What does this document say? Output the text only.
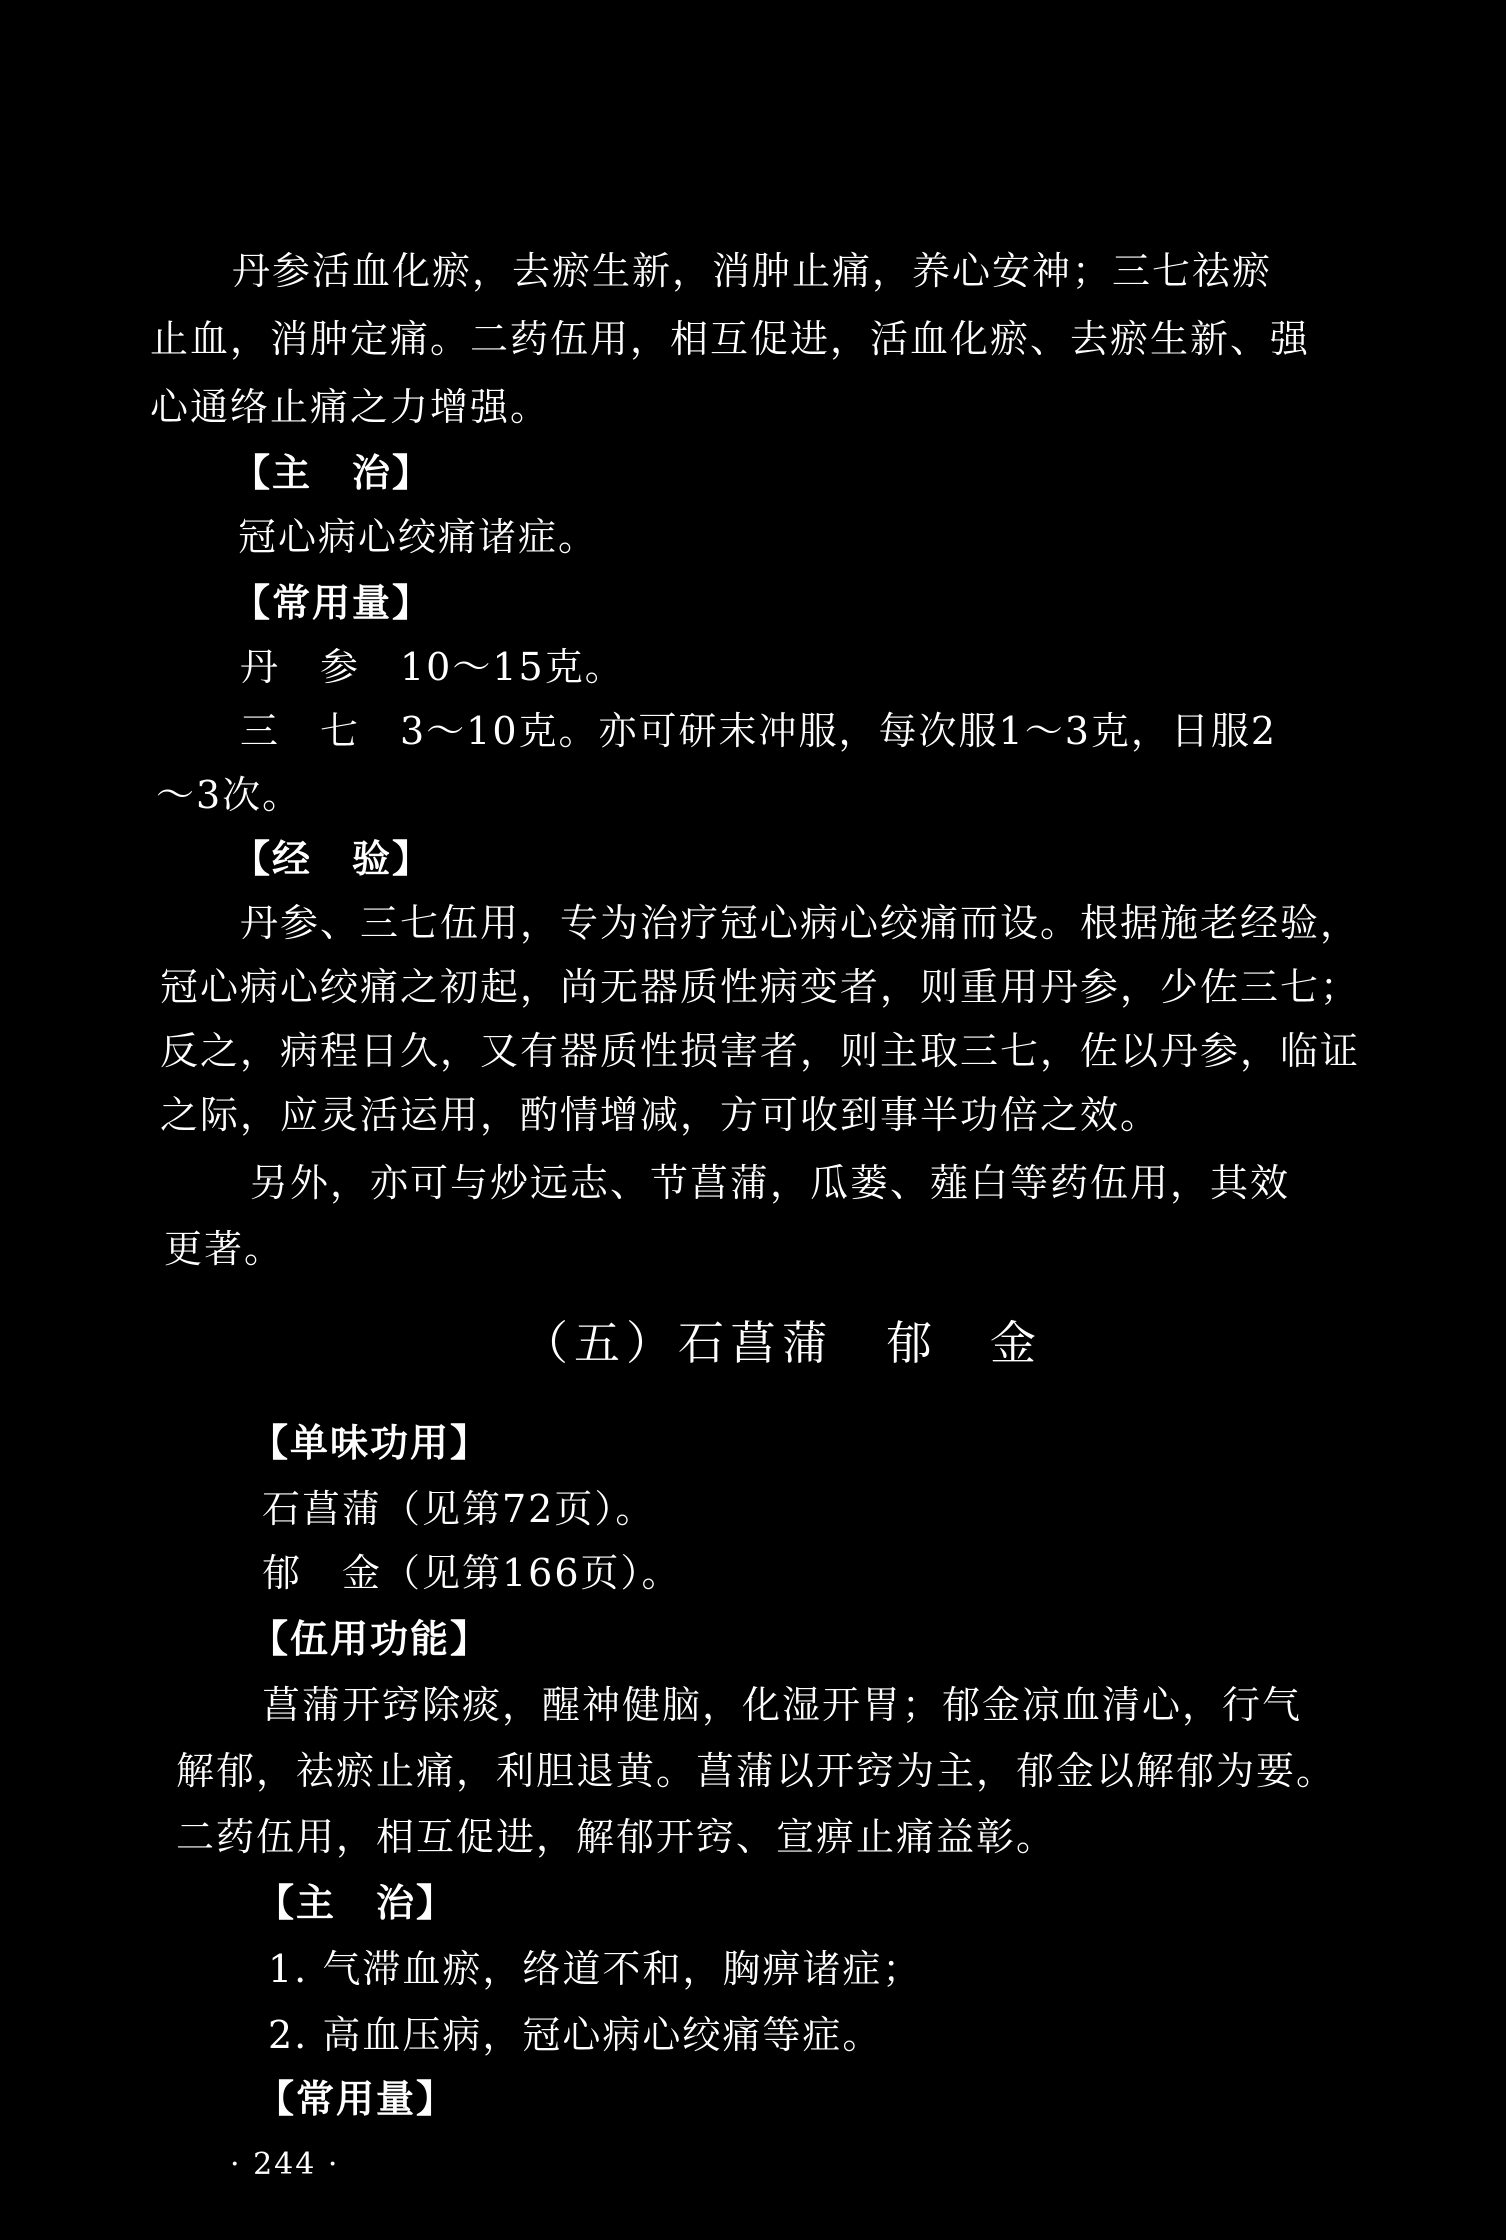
丹参活血化瘀，去瘀生新，消肿止痛，养心安神；三七祛瘀
止血，消肿定痛。二药伍用，相互促进，活血化瘀、去瘀生新、强
心通络止痛之力增强。
【主　治】
冠心病心绞痛诸症。
【常用量】
丹　参　10～15克。
三　七　3～10克。亦可研末冲服，每次服1～3克，日服2
～3次。
【经　验】
丹参、三七伍用，专为治疗冠心病心绞痛而设。根据施老经验，
冠心病心绞痛之初起，尚无器质性病变者，则重用丹参，少佐三七；
反之，病程日久，又有器质性损害者，则主取三七，佐以丹参，临证
之际，应灵活运用，酌情增减，方可收到事半功倍之效。
另外，亦可与炒远志、节菖蒲，瓜蒌、薤白等药伍用，其效
更著。
（五）石菖蒲　郁　金
【单味功用】
石菖蒲（见第72页）。
郁　金（见第166页）。
【伍用功能】
菖蒲开窍除痰，醒神健脑，化湿开胃；郁金凉血清心，行气
解郁，祛瘀止痛，利胆退黄。菖蒲以开窍为主，郁金以解郁为要。
二药伍用，相互促进，解郁开窍、宣痹止痛益彰。
【主　治】
1. 气滞血瘀，络道不和，胸痹诸症；
2. 高血压病，冠心病心绞痛等症。
【常用量】
· 244 ·
